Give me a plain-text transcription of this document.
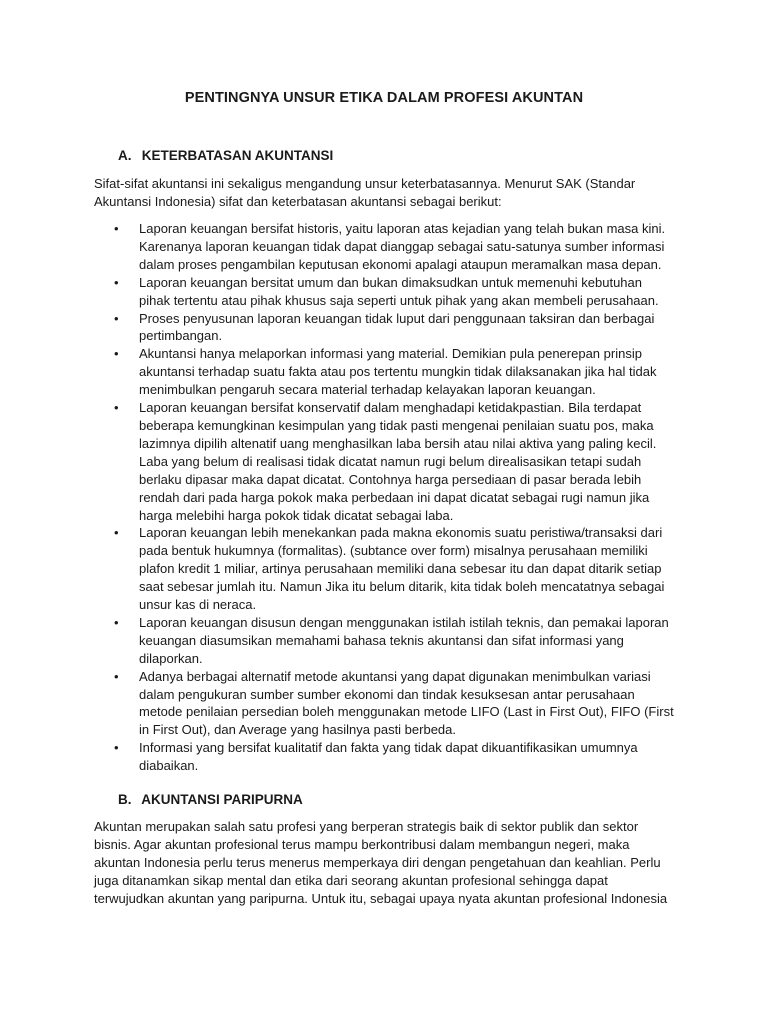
PENTINGNYA UNSUR ETIKA DALAM PROFESI AKUNTAN
A. KETERBATASAN AKUNTANSI

Sifat-sifat akuntansi ini sekaligus mengandung unsur keterbatasannya. Menurut SAK (Standar Akuntansi Indonesia) sifat dan keterbatasan akuntansi sebagai berikut:

• Laporan keuangan bersifat historis, yaitu laporan atas kejadian yang telah bukan masa kini. Karenanya laporan keuangan tidak dapat dianggap sebagai satu-satunya sumber informasi dalam proses pengambilan keputusan ekonomi apalagi ataupun meramalkan masa depan.
• Laporan keuangan bersitat umum dan bukan dimaksudkan untuk memenuhi kebutuhan pihak tertentu atau pihak khusus saja seperti untuk pihak yang akan membeli perusahaan.
• Proses penyusunan laporan keuangan tidak luput dari penggunaan taksiran dan berbagai pertimbangan.
• Akuntansi hanya melaporkan informasi yang material. Demikian pula penerepan prinsip akuntansi terhadap suatu fakta atau pos tertentu mungkin tidak dilaksanakan jika hal tidak menimbulkan pengaruh secara material terhadap kelayakan laporan keuangan.
• Laporan keuangan bersifat konservatif dalam menghadapi ketidakpastian. Bila terdapat beberapa kemungkinan kesimpulan yang tidak pasti mengenai penilaian suatu pos, maka lazimnya dipilih altenatif uang menghasilkan laba bersih atau nilai aktiva yang paling kecil. Laba yang belum di realisasi tidak dicatat namun rugi belum direalisasikan tetapi sudah berlaku dipasar maka dapat dicatat. Contohnya harga persediaan di pasar berada lebih rendah dari pada harga pokok maka perbedaan ini dapat dicatat sebagai rugi namun jika harga melebihi harga pokok tidak dicatat sebagai laba.
• Laporan keuangan lebih menekankan pada makna ekonomis suatu peristiwa/transaksi dari pada bentuk hukumnya (formalitas). (subtance over form) misalnya perusahaan memiliki plafon kredit 1 miliar, artinya perusahaan memiliki dana sebesar itu dan dapat ditarik setiap saat sebesar jumlah itu. Namun Jika itu belum ditarik, kita tidak boleh mencatatnya sebagai unsur kas di neraca.
• Laporan keuangan disusun dengan menggunakan istilah istilah teknis, dan pemakai laporan keuangan diasumsikan memahami bahasa teknis akuntansi dan sifat informasi yang dilaporkan.
• Adanya berbagai alternatif metode akuntansi yang dapat digunakan menimbulkan variasi dalam pengukuran sumber sumber ekonomi dan tindak kesuksesan antar perusahaan metode penilaian persedian boleh menggunakan metode LIFO (Last in First Out), FIFO (First in First Out), dan Average yang hasilnya pasti berbeda.
• Informasi yang bersifat kualitatif dan fakta yang tidak dapat dikuantifikasikan umumnya diabaikan.
B. AKUNTANSI PARIPURNA

Akuntan merupakan salah satu profesi yang berperan strategis baik di sektor publik dan sektor bisnis. Agar akuntan profesional terus mampu berkontribusi dalam membangun negeri, maka akuntan Indonesia perlu terus menerus memperkaya diri dengan pengetahuan dan keahlian. Perlu juga ditanamkan sikap mental dan etika dari seorang akuntan profesional sehingga dapat terwujudkan akuntan yang paripurna. Untuk itu, sebagai upaya nyata akuntan profesional Indonesia
